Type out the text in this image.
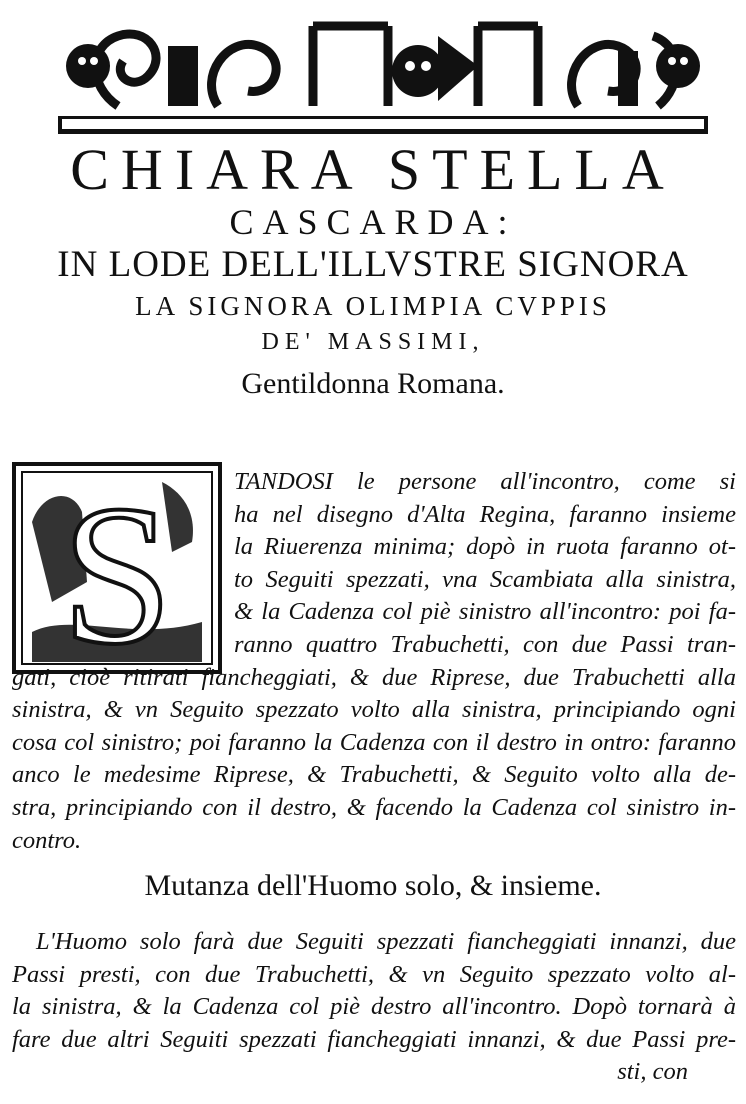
CHIARA STELLA

CASCARDA:

IN LODE DELL'ILLVSTRE SIGNORA

LA SIGNORA OLIMPIA CVPPIS

DE' MASSIMI,

Gentildonna Romana.

S	TANDOSI le persone all'incontro, come si
ha nel disegno d'Alta Regina, faranno insieme
la Riuerenza minima; dopò in ruota faranno ot-
to Seguiti spezzati, vna Scambiata alla sinistra,
& la Cadenza col piè sinistro all'incontro: poi fa-
ranno quattro Trabuchetti, con due Passi tran-
gati, cioè ritirati fiancheggiati, & due Riprese, due Trabuchetti alla
sinistra, & vn Seguito spezzato volto alla sinistra, principiando ogni
cosa col sinistro; poi faranno la Cadenza con il destro in ontro: faranno
anco le medesime Riprese, & Trabuchetti, & Seguito volto alla de-
stra, principiando con il destro, & facendo la Cadenza col sinistro in-
contro.
Mutanza dell'Huomo solo, & insieme.
L'Huomo solo farà due Seguiti spezzati fiancheggiati innanzi, due
Passi presti, con due Trabuchetti, & vn Seguito spezzato volto al-
la sinistra, & la Cadenza col piè destro all'incontro. Dopò tornarà à
fare due altri Seguiti spezzati fiancheggiati innanzi, & due Passi pre-
sti, con
